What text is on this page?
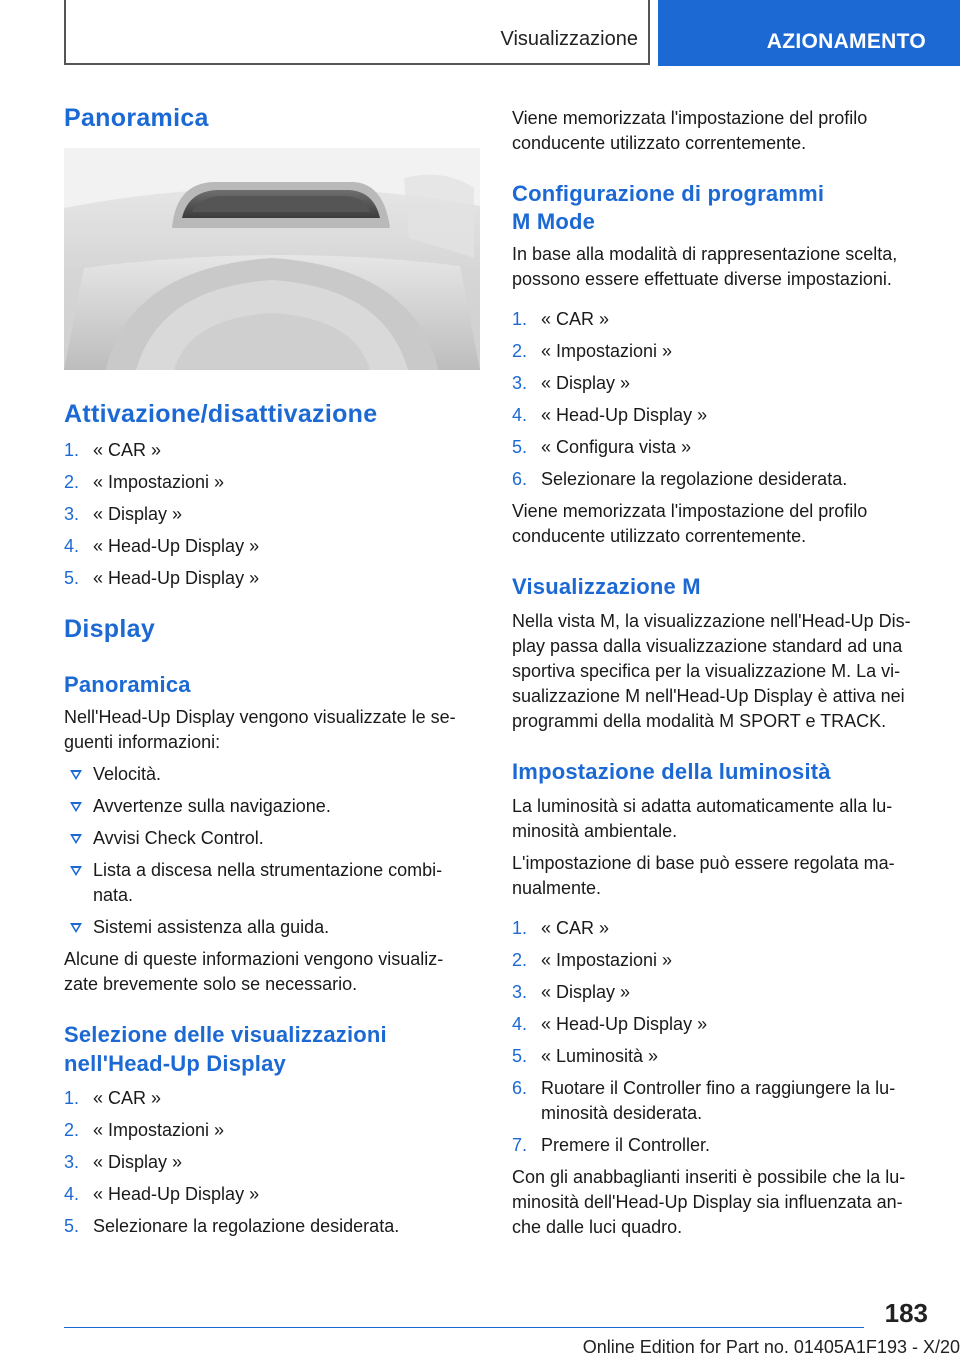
Visualizzazione	AZIONAMENTO
Panoramica
Attivazione/disattivazione
1. « CAR »
2. « Impostazioni »
3. « Display »
4. « Head-Up Display »
5. « Head-Up Display »
Display
Panoramica

Nell'Head-Up Display vengono visualizzate le se-

guenti informazioni:

Velocità.
Avvertenze sulla navigazione.
Avvisi Check Control.
Lista a discesa nella strumentazione combi-
nata.
Sistemi assistenza alla guida.

Alcune di queste informazioni vengono visualiz-

zate brevemente solo se necessario.

Selezione delle visualizzazioni
nell'Head-Up Display
1. « CAR »
2. « Impostazioni »
3. « Display »
4. « Head-Up Display »
5. Selezionare la regolazione desiderata.

Viene memorizzata l'impostazione del profilo

conducente utilizzato correntemente.

Configurazione di programmi
M Mode

In base alla modalità di rappresentazione scelta,

possono essere effettuate diverse impostazioni.

1. « CAR »
2. « Impostazioni »
3. « Display »
4. « Head-Up Display »
5. « Configura vista »
6. Selezionare la regolazione desiderata.

Viene memorizzata l'impostazione del profilo

conducente utilizzato correntemente.

Visualizzazione M

Nella vista M, la visualizzazione nell'Head-Up Dis-

play passa dalla visualizzazione standard ad una

sportiva specifica per la visualizzazione M. La vi-

sualizzazione M nell'Head-Up Display è attiva nei

programmi della modalità M SPORT e TRACK.

Impostazione della luminosità

La luminosità si adatta automaticamente alla lu-

minosità ambientale.

L'impostazione di base può essere regolata ma-

nualmente.

1. « CAR »
2. « Impostazioni »
3. « Display »
4. « Head-Up Display »
5. « Luminosità »
6. Ruotare il Controller fino a raggiungere la lu-
minosità desiderata.
7. Premere il Controller.

Con gli anabbaglianti inseriti è possibile che la lu-

minosità dell'Head-Up Display sia influenzata an-

che dalle luci quadro.

183
Online Edition for Part no. 01405A1F193 - X/20
